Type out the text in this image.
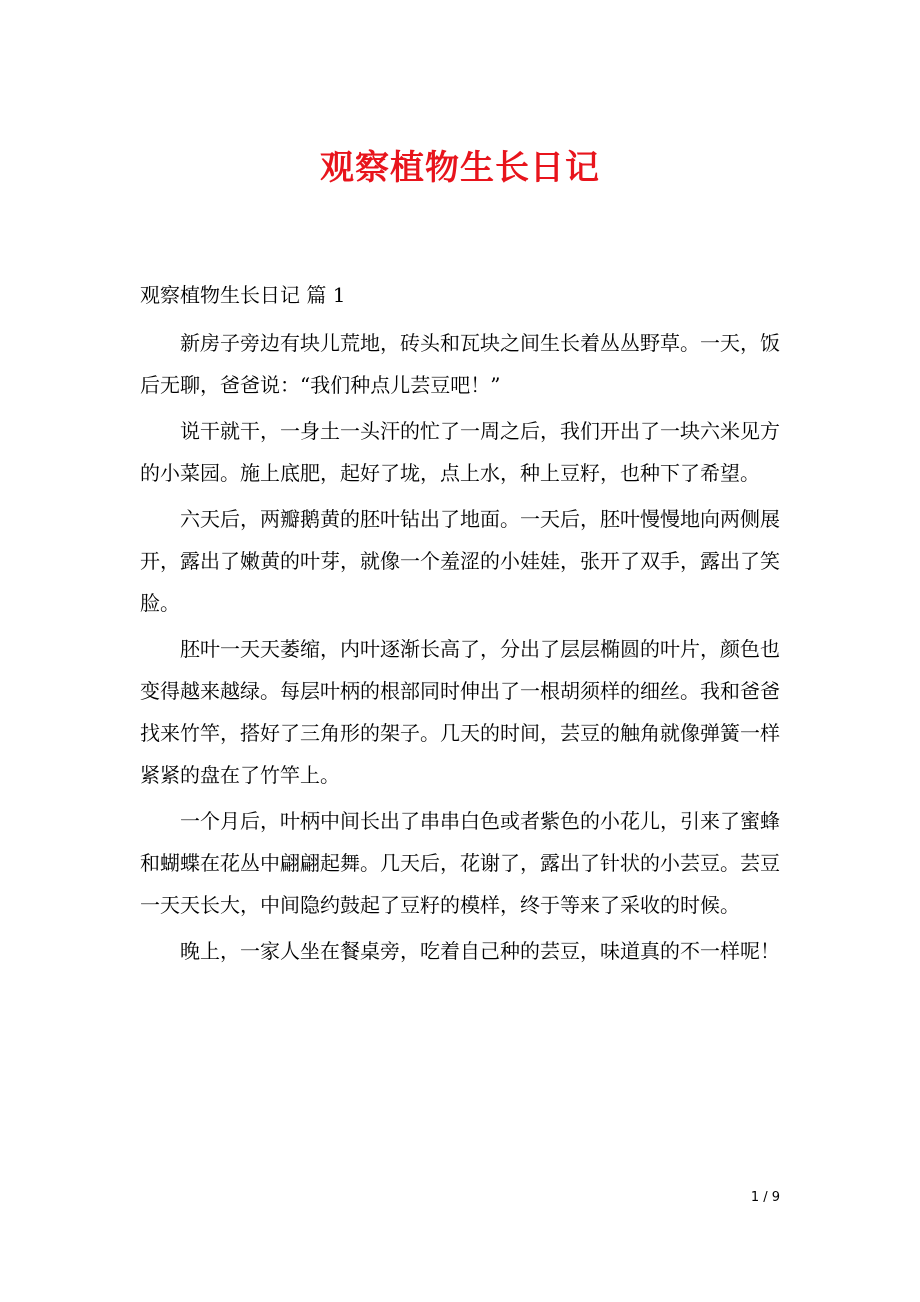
观察植物生长日记
观察植物生长日记 篇 1

新房子旁边有块儿荒地，砖头和瓦块之间生长着丛丛野草。一天，饭后无聊，爸爸说：“我们种点儿芸豆吧！”

说干就干，一身土一头汗的忙了一周之后，我们开出了一块六米见方的小菜园。施上底肥，起好了垅，点上水，种上豆籽，也种下了希望。

六天后，两瓣鹅黄的胚叶钻出了地面。一天后，胚叶慢慢地向两侧展开，露出了嫩黄的叶芽，就像一个羞涩的小娃娃，张开了双手，露出了笑脸。

胚叶一天天萎缩，内叶逐渐长高了，分出了层层椭圆的叶片，颜色也变得越来越绿。每层叶柄的根部同时伸出了一根胡须样的细丝。我和爸爸找来竹竿，搭好了三角形的架子。几天的时间，芸豆的触角就像弹簧一样紧紧的盘在了竹竿上。

一个月后，叶柄中间长出了串串白色或者紫色的小花儿，引来了蜜蜂和蝴蝶在花丛中翩翩起舞。几天后，花谢了，露出了针状的小芸豆。芸豆一天天长大，中间隐约鼓起了豆籽的模样，终于等来了采收的时候。

晚上，一家人坐在餐桌旁，吃着自己种的芸豆，味道真的不一样呢！

1 / 9
